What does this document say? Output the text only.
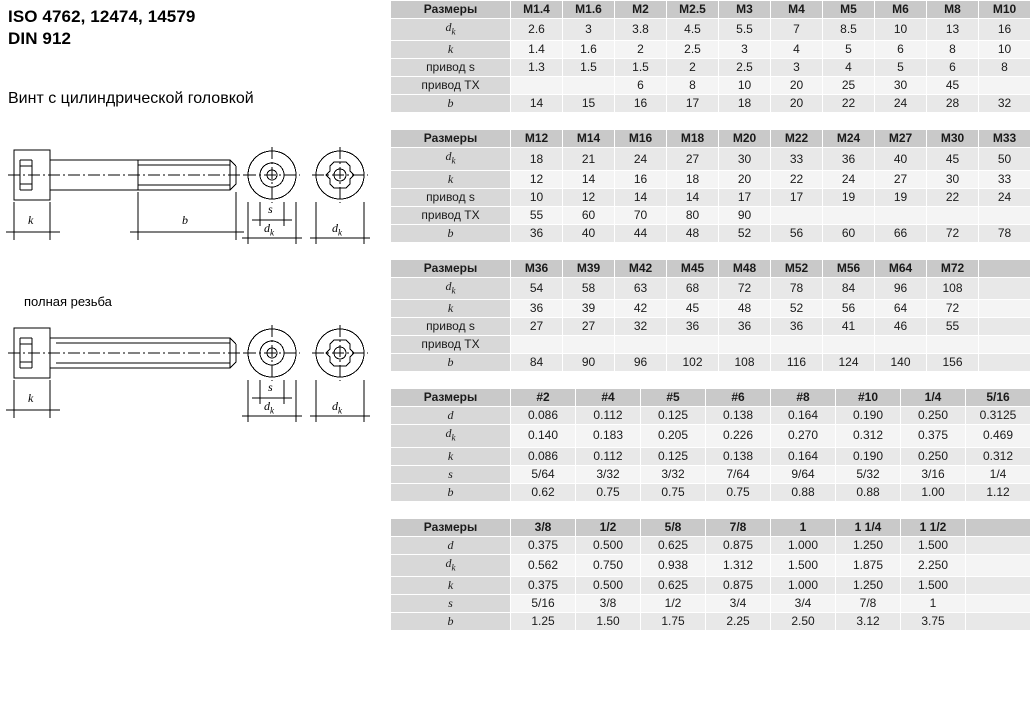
ISO 4762, 12474, 14579
DIN 912
Винт с цилиндрической головкой
k	b
s
$d_k$	$d_k$
полная резьба
k
s
$d_k$	$d_k$
Размеры	M1.4	M1.6	M2	M2.5	M3	M4	M5	M6	M8	M10
$d_k$	2.6	3	3.8	4.5	5.5	7	8.5	10	13	16
k	1.4	1.6	2	2.5	3	4	5	6	8	10
привод s	1.3	1.5	1.5	2	2.5	3	4	5	6	8
привод ТХ			6	8	10	20	25	30	45	
b	14	15	16	17	18	20	22	24	28	32
Размеры	M12	M14	M16	M18	M20	M22	M24	M27	M30	M33
$d_k$	18	21	24	27	30	33	36	40	45	50
k	12	14	16	18	20	22	24	27	30	33
привод s	10	12	14	14	17	17	19	19	22	24
привод ТХ	55	60	70	80	90					
b	36	40	44	48	52	56	60	66	72	78
Размеры	M36	M39	M42	M45	M48	M52	M56	M64	M72	
$d_k$	54	58	63	68	72	78	84	96	108	
k	36	39	42	45	48	52	56	64	72	
привод s	27	27	32	36	36	36	41	46	55	
привод ТХ										
b	84	90	96	102	108	116	124	140	156	
Размеры	#2	#4	#5	#6	#8	#10	1/4	5/16
d	0.086	0.112	0.125	0.138	0.164	0.190	0.250	0.3125
$d_k$	0.140	0.183	0.205	0.226	0.270	0.312	0.375	0.469
k	0.086	0.112	0.125	0.138	0.164	0.190	0.250	0.312
s	5/64	3/32	3/32	7/64	9/64	5/32	3/16	1/4
b	0.62	0.75	0.75	0.75	0.88	0.88	1.00	1.12
Размеры	3/8	1/2	5/8	7/8	1	1 1/4	1 1/2	
d	0.375	0.500	0.625	0.875	1.000	1.250	1.500	
$d_k$	0.562	0.750	0.938	1.312	1.500	1.875	2.250	
k	0.375	0.500	0.625	0.875	1.000	1.250	1.500	
s	5/16	3/8	1/2	3/4	3/4	7/8	1	
b	1.25	1.50	1.75	2.25	2.50	3.12	3.75	
